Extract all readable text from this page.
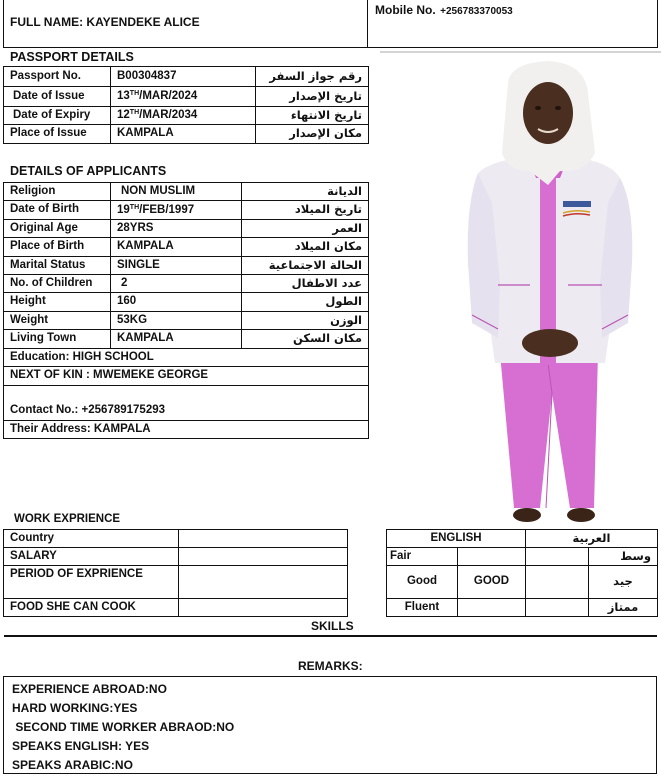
FULL NAME: KAYENDEKE ALICE
Mobile No. +256783370053
PASSPORT DETAILS
Passport No.	B00304837	رقم جواز السفر
Date of Issue	13TH/MAR/2024	تاريخ الإصدار
Date of Expiry	12TH/MAR/2034	تاريخ الانتهاء
Place of Issue	KAMPALA	مكان الإصدار
DETAILS OF APPLICANTS
Religion	NON MUSLIM	الديانة
Date of Birth	19TH/FEB/1997	تاريخ الميلاد
Original Age	28YRS	العمر
Place of Birth	KAMPALA	مكان الميلاد
Marital Status	SINGLE	الحالة الاجتماعية
No. of Children	2	عدد الاطفال
Height	160	الطول
Weight	53KG	الوزن
Living Town	KAMPALA	مكان السكن
Education: HIGH SCHOOL		
NEXT OF KIN : MWEMEKE GEORGE		
Contact No.: +256789175293		
Their Address: KAMPALA		
WORK EXPRIENCE
Country	
SALARY	
PERIOD OF EXPRIENCE	
FOOD SHE CAN COOK	
ENGLISH		العربية	
Fair			وسط
Good	GOOD		جيد
Fluent			ممتاز
SKILLS
REMARKS:
EXPERIENCE ABROAD:NO
HARD WORKING:YES
SECOND TIME WORKER ABRAOD:NO
SPEAKS ENGLISH: YES
SPEAKS ARABIC:NO
